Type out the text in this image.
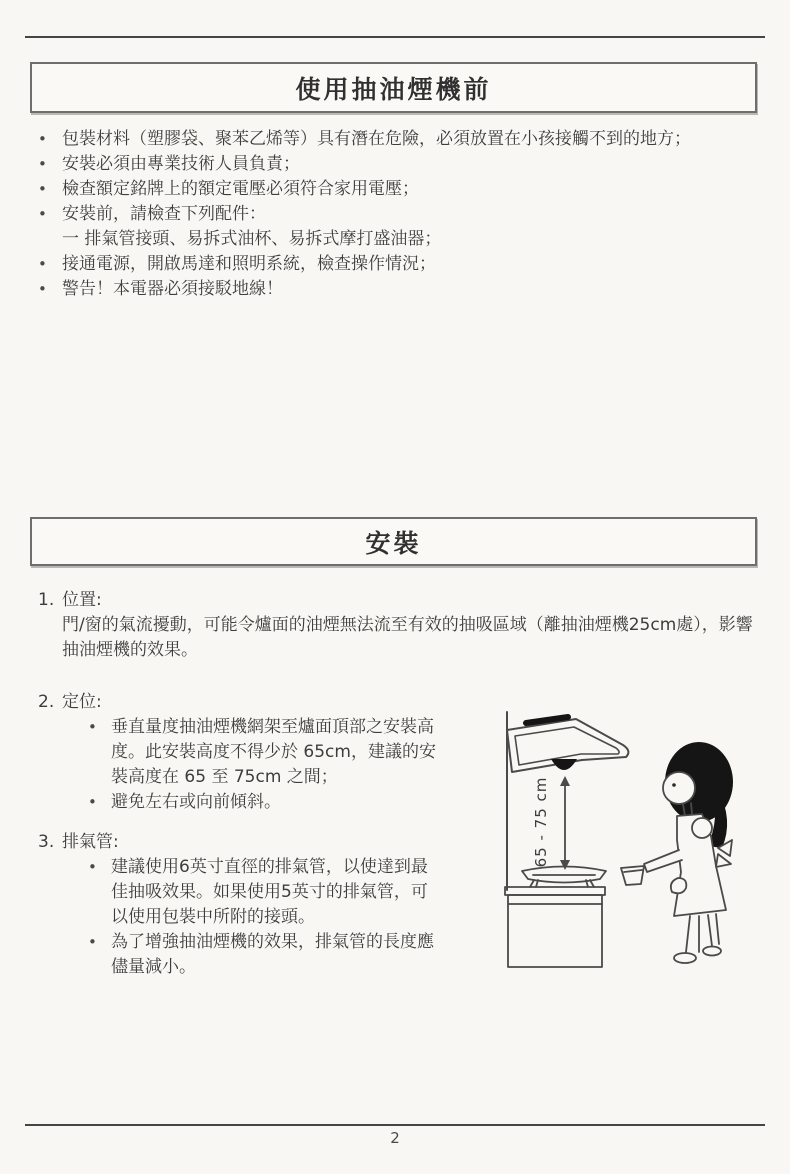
使用抽油煙機前
• 包裝材料（塑膠袋、聚苯乙烯等）具有潛在危險，必須放置在小孩接觸不到的地方；
• 安裝必須由專業技術人員負責；
• 檢查額定銘牌上的額定電壓必須符合家用電壓；
• 安裝前，請檢查下列配件：
一 排氣管接頭、易拆式油杯、易拆式摩打盛油器；
• 接通電源，開啟馬達和照明系統，檢查操作情況；
• 警告！本電器必須接駁地線！
安裝
1. 位置:

門/窗的氣流擾動，可能令爐面的油煙無法流至有效的抽吸區域（離抽油煙機25cm處），影響抽油煙機的效果。

2. 定位:
• 垂直量度抽油煙機網架至爐面頂部之安裝高度。此安裝高度不得少於 65cm，建議的安裝高度在 65 至 75cm 之間；
• 避免左右或向前傾斜。
3. 排氣管:
• 建議使用6英寸直徑的排氣管，以使達到最佳抽吸效果。如果使用5英寸的排氣管，可以使用包裝中所附的接頭。
• 為了增強抽油煙機的效果，排氣管的長度應儘量減小。
65 - 75 cm
2
